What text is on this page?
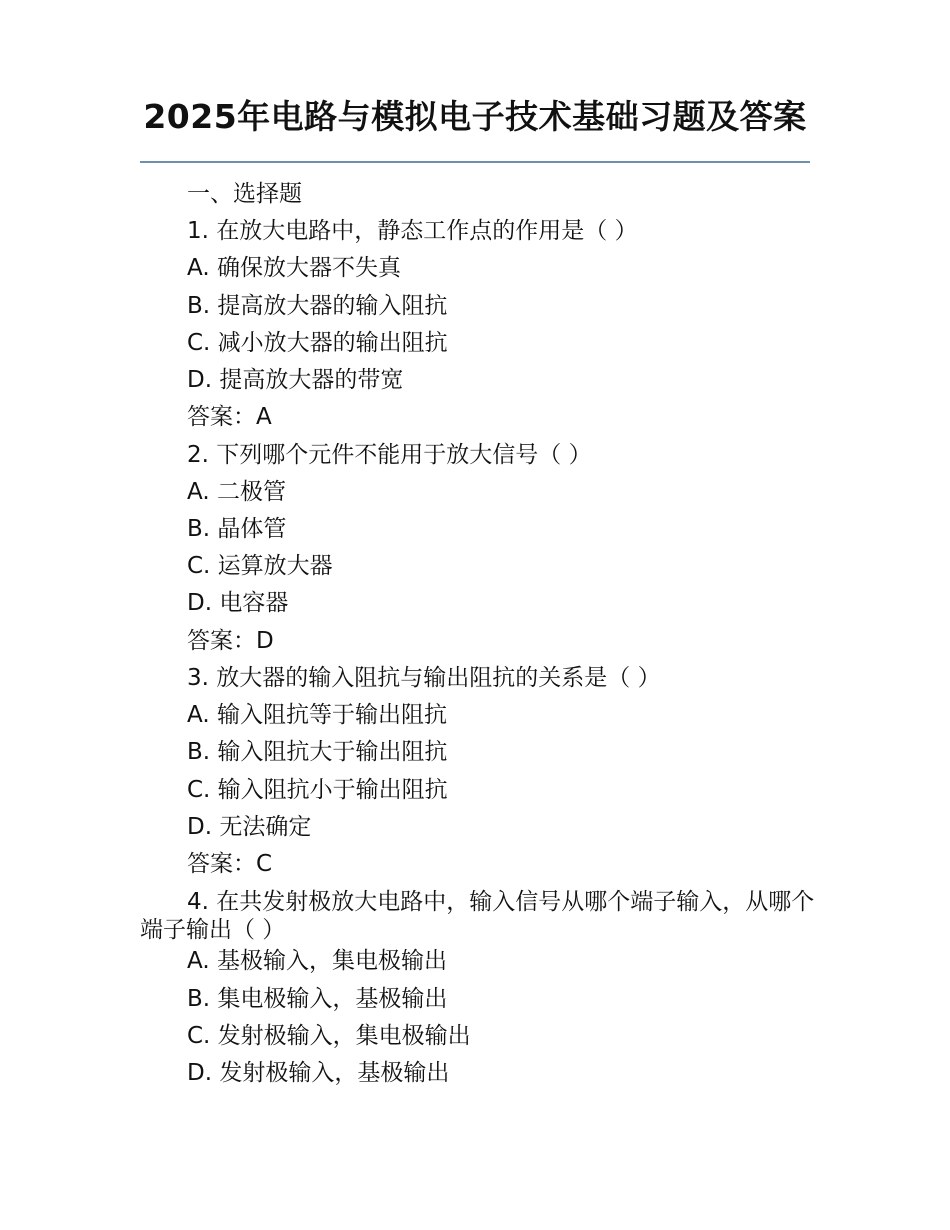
2025年电路与模拟电子技术基础习题及答案
一、选择题
1. 在放大电路中，静态工作点的作用是（ ）
A. 确保放大器不失真
B. 提高放大器的输入阻抗
C. 减小放大器的输出阻抗
D. 提高放大器的带宽
答案：A
2. 下列哪个元件不能用于放大信号（ ）
A. 二极管
B. 晶体管
C. 运算放大器
D. 电容器
答案：D
3. 放大器的输入阻抗与输出阻抗的关系是（ ）
A. 输入阻抗等于输出阻抗
B. 输入阻抗大于输出阻抗
C. 输入阻抗小于输出阻抗
D. 无法确定
答案：C
4. 在共发射极放大电路中，输入信号从哪个端子输入，从哪个端子输出（ ）
A. 基极输入，集电极输出
B. 集电极输入，基极输出
C. 发射极输入，集电极输出
D. 发射极输入，基极输出
